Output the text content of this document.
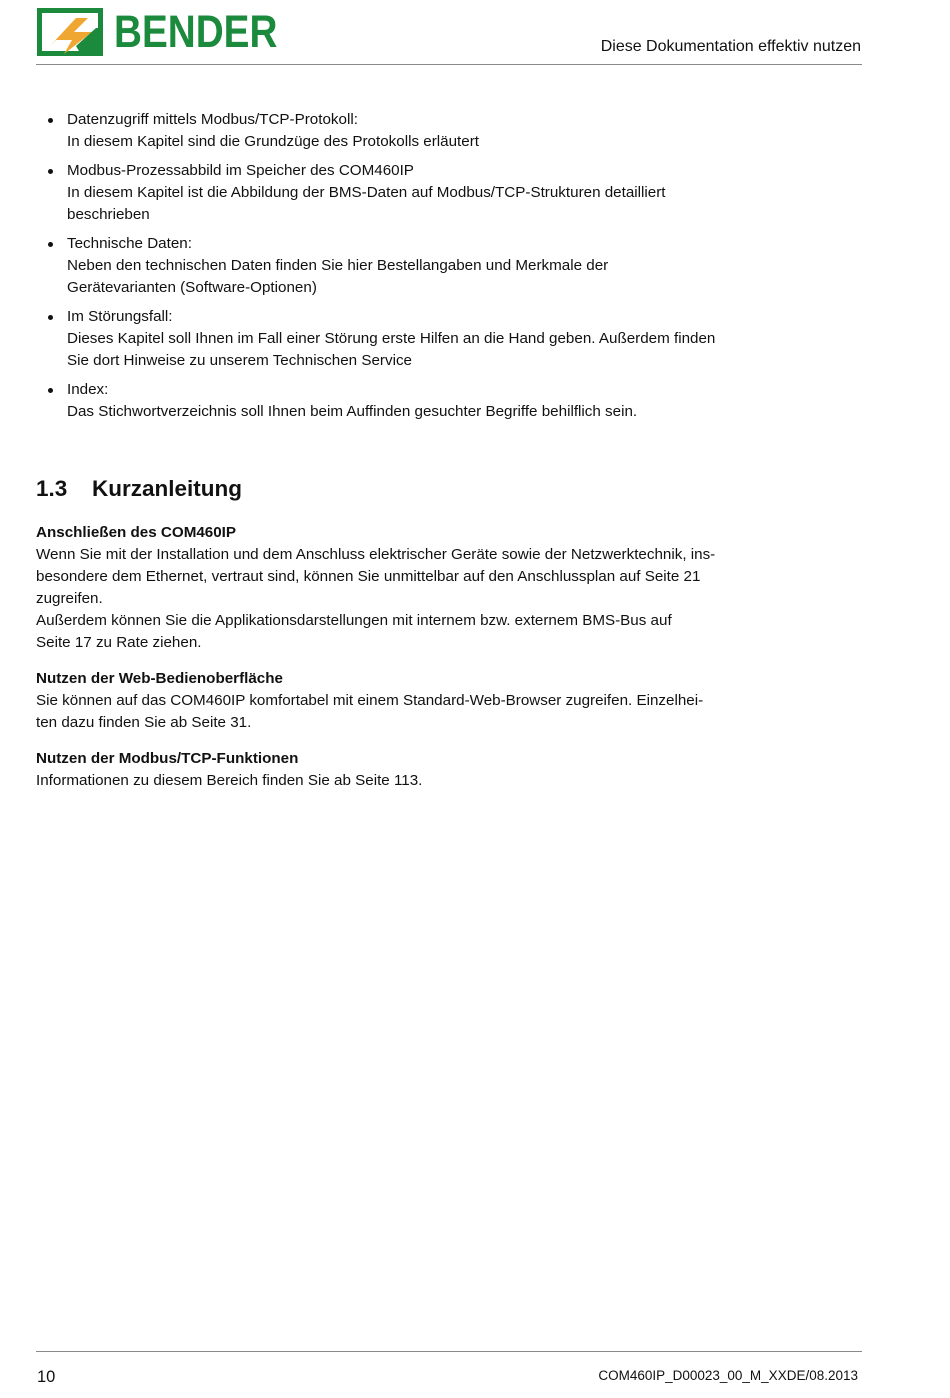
BENDER	Diese Dokumentation effektiv nutzen
Datenzugriff mittels Modbus/TCP-Protokoll:
In diesem Kapitel sind die Grundzüge des Protokolls erläutert
Modbus-Prozessabbild im Speicher des COM460IP
In diesem Kapitel ist die Abbildung der BMS-Daten auf Modbus/TCP-Strukturen detailliert
beschrieben
Technische Daten:
Neben den technischen Daten finden Sie hier Bestellangaben und Merkmale der
Gerätevarianten (Software-Optionen)
Im Störungsfall:
Dieses Kapitel soll Ihnen im Fall einer Störung erste Hilfen an die Hand geben. Außerdem finden
Sie dort Hinweise zu unserem Technischen Service
Index:
Das Stichwortverzeichnis soll Ihnen beim Auffinden gesuchter Begriffe behilflich sein.
1.3 Kurzanleitung
Anschließen des COM460IP
Wenn Sie mit der Installation und dem Anschluss elektrischer Geräte sowie der Netzwerktechnik, ins-
besondere dem Ethernet, vertraut sind, können Sie unmittelbar auf den Anschlussplan auf Seite 21
zugreifen.
Außerdem können Sie die Applikationsdarstellungen mit internem bzw. externem BMS-Bus auf
Seite 17 zu Rate ziehen.
Nutzen der Web-Bedienoberfläche
Sie können auf das COM460IP komfortabel mit einem Standard-Web-Browser zugreifen. Einzelhei-
ten dazu finden Sie ab Seite 31.
Nutzen der Modbus/TCP-Funktionen
Informationen zu diesem Bereich finden Sie ab Seite 113.
10	COM460IP_D00023_00_M_XXDE/08.2013
